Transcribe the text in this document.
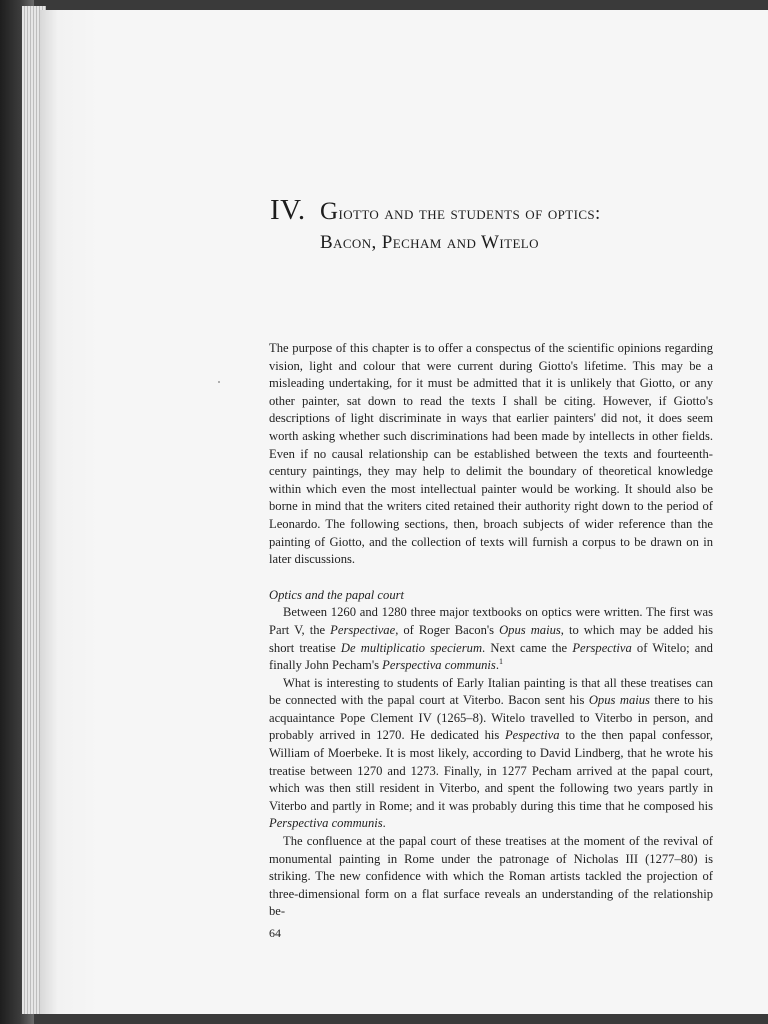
IV. Giotto and the students of optics:
Bacon, Pecham and Witelo

The purpose of this chapter is to offer a conspectus of the scientific opinions regarding vision, light and colour that were current during Giotto's lifetime. This may be a misleading undertaking, for it must be admitted that it is unlikely that Giotto, or any other painter, sat down to read the texts I shall be citing. However, if Giotto's descriptions of light discriminate in ways that earlier painters' did not, it does seem worth asking whether such discriminations had been made by intellects in other fields. Even if no causal relationship can be established between the texts and fourteenth-century paintings, they may help to delimit the boundary of theoretical knowledge within which even the most intellectual painter would be working. It should also be borne in mind that the writers cited retained their authority right down to the period of Leonardo. The following sections, then, broach subjects of wider reference than the painting of Giotto, and the collection of texts will furnish a corpus to be drawn on in later discussions.

Optics and the papal court

Between 1260 and 1280 three major textbooks on optics were written. The first was Part V, the Perspectivae, of Roger Bacon's Opus maius, to which may be added his short treatise De multiplicatio specierum. Next came the Perspectiva of Witelo; and finally John Pecham's Perspectiva communis.$^1$

What is interesting to students of Early Italian painting is that all these treatises can be connected with the papal court at Viterbo. Bacon sent his Opus maius there to his acquaintance Pope Clement IV (1265–8). Witelo travelled to Viterbo in person, and probably arrived in 1270. He dedicated his Pespectiva to the then papal confessor, William of Moerbeke. It is most likely, according to David Lindberg, that he wrote his treatise between 1270 and 1273. Finally, in 1277 Pecham arrived at the papal court, which was then still resident in Viterbo, and spent the following two years partly in Viterbo and partly in Rome; and it was probably during this time that he composed his Perspectiva communis.

The confluence at the papal court of these treatises at the moment of the revival of monumental painting in Rome under the patronage of Nicholas III (1277–80) is striking. The new confidence with which the Roman artists tackled the projection of three-dimensional form on a flat surface reveals an understanding of the relationship be-

64
